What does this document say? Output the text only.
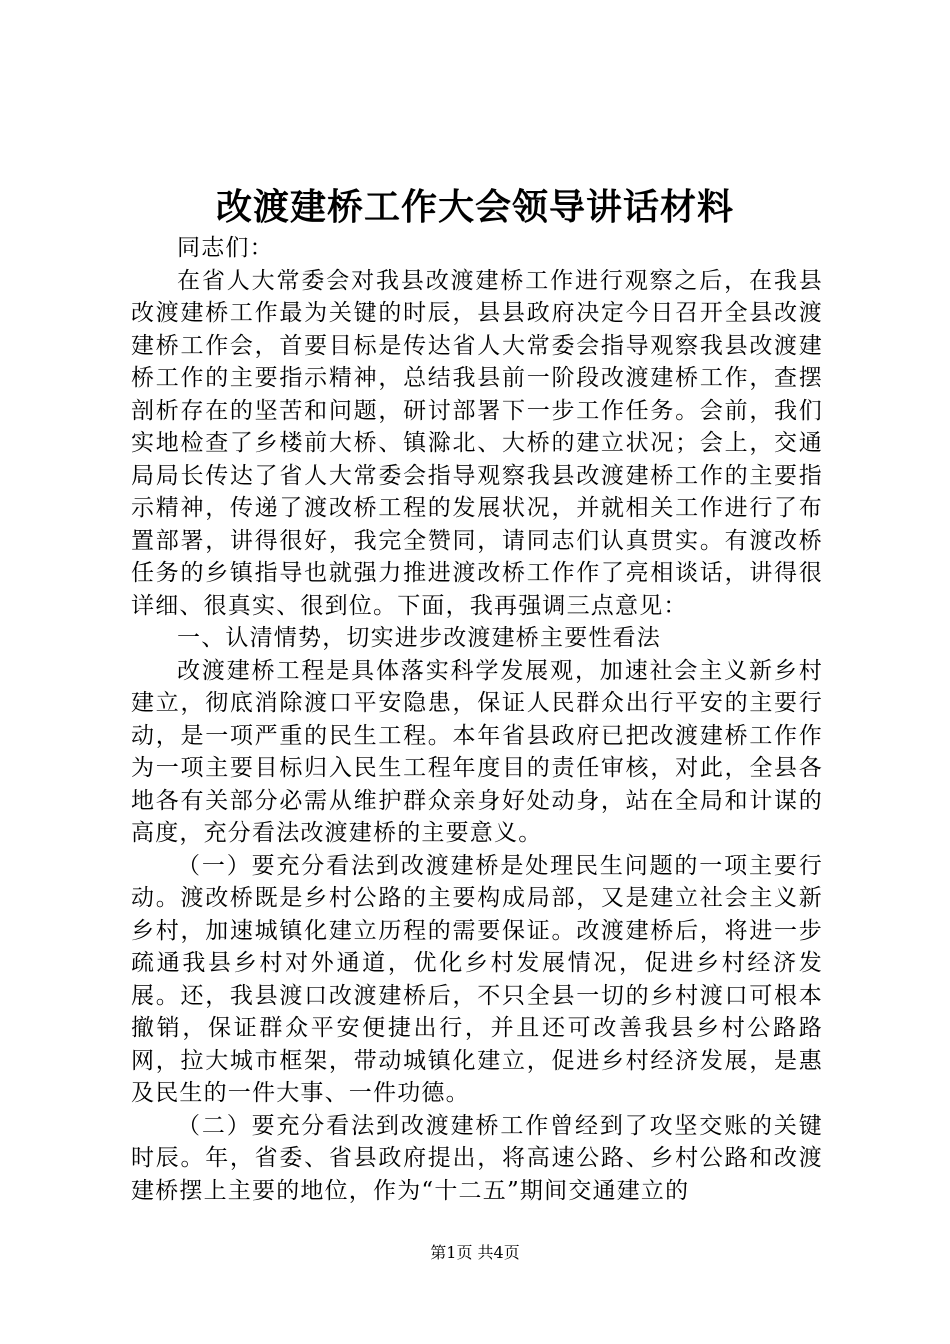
改渡建桥工作大会领导讲话材料

同志们：

在省人大常委会对我县改渡建桥工作进行观察之后，在我县改渡建桥工作最为关键的时辰，县县政府决定今日召开全县改渡建桥工作会，首要目标是传达省人大常委会指导观察我县改渡建桥工作的主要指示精神，总结我县前一阶段改渡建桥工作，查摆剖析存在的坚苦和问题，研讨部署下一步工作任务。会前，我们实地检查了乡楼前大桥、镇滁北、大桥的建立状况；会上，交通局局长传达了省人大常委会指导观察我县改渡建桥工作的主要指示精神，传递了渡改桥工程的发展状况，并就相关工作进行了布置部署，讲得很好，我完全赞同，请同志们认真贯实。有渡改桥任务的乡镇指导也就强力推进渡改桥工作作了亮相谈话，讲得很详细、很真实、很到位。下面，我再强调三点意见：

一、认清情势，切实进步改渡建桥主要性看法

改渡建桥工程是具体落实科学发展观，加速社会主义新乡村建立，彻底消除渡口平安隐患，保证人民群众出行平安的主要行动，是一项严重的民生工程。本年省县政府已把改渡建桥工作作为一项主要目标归入民生工程年度目的责任审核，对此，全县各地各有关部分必需从维护群众亲身好处动身，站在全局和计谋的高度，充分看法改渡建桥的主要意义。

（一）要充分看法到改渡建桥是处理民生问题的一项主要行动。渡改桥既是乡村公路的主要构成局部，又是建立社会主义新乡村，加速城镇化建立历程的需要保证。改渡建桥后，将进一步疏通我县乡村对外通道，优化乡村发展情况，促进乡村经济发展。还，我县渡口改渡建桥后，不只全县一切的乡村渡口可根本撤销，保证群众平安便捷出行，并且还可改善我县乡村公路路网，拉大城市框架，带动城镇化建立，促进乡村经济发展，是惠及民生的一件大事、一件功德。

（二）要充分看法到改渡建桥工作曾经到了攻坚交账的关键时辰。年，省委、省县政府提出，将高速公路、乡村公路和改渡建桥摆上主要的地位，作为“十二五”期间交通建立的

第1页 共4页
